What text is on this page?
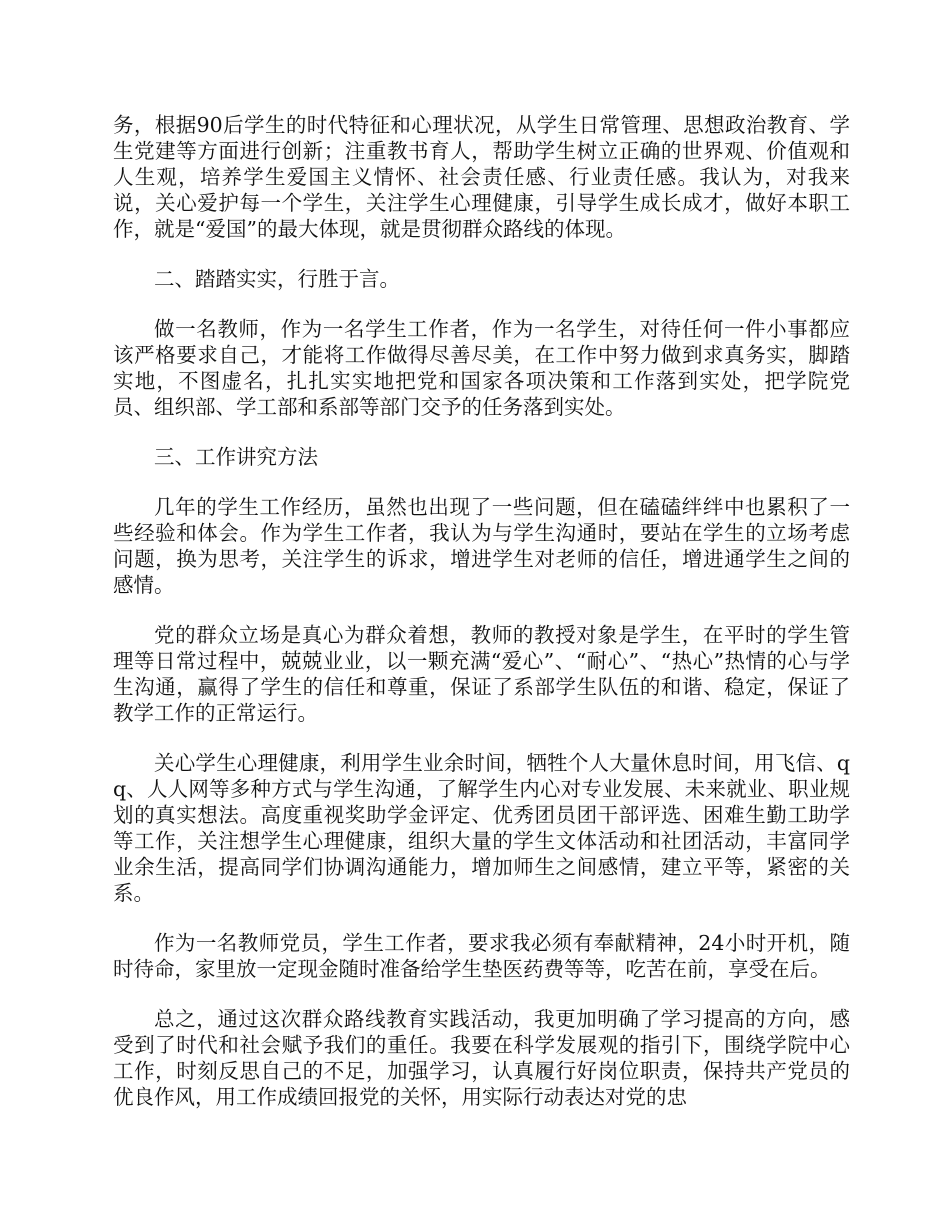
务，根据90后学生的时代特征和心理状况，从学生日常管理、思想政治教育、学生党建等方面进行创新；注重教书育人，帮助学生树立正确的世界观、价值观和人生观，培养学生爱国主义情怀、社会责任感、行业责任感。我认为，对我来说，关心爱护每一个学生，关注学生心理健康，引导学生成长成才，做好本职工作，就是“爱国”的最大体现，就是贯彻群众路线的体现。

二、踏踏实实，行胜于言。

做一名教师，作为一名学生工作者，作为一名学生，对待任何一件小事都应该严格要求自己，才能将工作做得尽善尽美，在工作中努力做到求真务实，脚踏实地，不图虚名，扎扎实实地把党和国家各项决策和工作落到实处，把学院党员、组织部、学工部和系部等部门交予的任务落到实处。

三、工作讲究方法

几年的学生工作经历，虽然也出现了一些问题，但在磕磕绊绊中也累积了一些经验和体会。作为学生工作者，我认为与学生沟通时，要站在学生的立场考虑问题，换为思考，关注学生的诉求，增进学生对老师的信任，增进通学生之间的感情。

党的群众立场是真心为群众着想，教师的教授对象是学生，在平时的学生管理等日常过程中，兢兢业业，以一颗充满“爱心”、“耐心”、“热心”热情的心与学生沟通，赢得了学生的信任和尊重，保证了系部学生队伍的和谐、稳定，保证了教学工作的正常运行。

关心学生心理健康，利用学生业余时间，牺牲个人大量休息时间，用飞信、qq、人人网等多种方式与学生沟通，了解学生内心对专业发展、未来就业、职业规划的真实想法。高度重视奖助学金评定、优秀团员团干部评选、困难生勤工助学等工作，关注想学生心理健康，组织大量的学生文体活动和社团活动，丰富同学业余生活，提高同学们协调沟通能力，增加师生之间感情，建立平等，紧密的关系。

作为一名教师党员，学生工作者，要求我必须有奉献精神，24小时开机，随时待命，家里放一定现金随时准备给学生垫医药费等等，吃苦在前，享受在后。

总之，通过这次群众路线教育实践活动，我更加明确了学习提高的方向，感受到了时代和社会赋予我们的重任。我要在科学发展观的指引下，围绕学院中心工作，时刻反思自己的不足，加强学习，认真履行好岗位职责，保持共产党员的优良作风，用工作成绩回报党的关怀，用实际行动表达对党的忠
